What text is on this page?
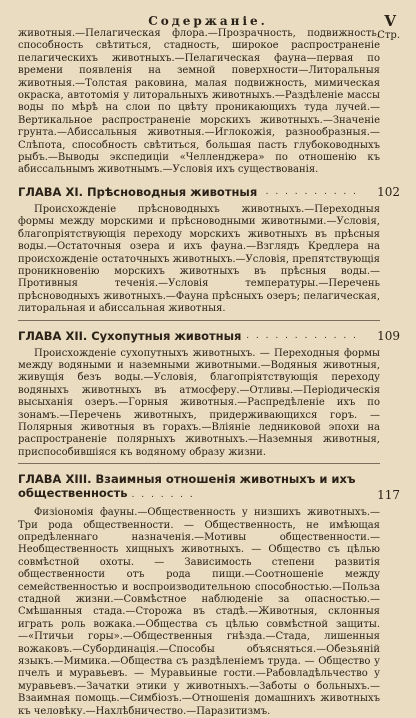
Содержаніе.	V
Стр.

животныя.—Пелагическая флора.—Прозрачность, подвижность, способность свѣтиться, стадность, широкое распространеніе пелагическихъ животныхъ.—Пелагическая фауна—первая по времени появленія на земной поверхности—Литоральныя животныя.—Толстая раковина, малая подвижность, мимическая окраска, автотомія у литоральныхъ животныхъ.—Раздѣленіе массы воды по мѣрѣ на слои по цвѣту проникающихъ туда лучей.—Вертикальное распространеніе морскихъ животныхъ.—Значеніе грунта.—Абиссальныя животныя.—Иглокожія, разнообразныя.—Слѣпота, способность свѣтиться, большая пасть глубоководныхъ рыбъ.—Выводы экспедиціи «Челленджера» по отношенію къ абиссальнымъ животнымъ.—Условія ихъ существованія.

ГЛАВА XI. Прѣсноводныя животныя . . . . . . . . . . 102

Происхожденіе прѣсноводныхъ животныхъ.—Переходныя формы между морскими и прѣсноводными животными.—Условія, благопріятствующія переходу морскихъ животныхъ въ прѣсныя воды.—Остаточныя озера и ихъ фауна.—Взглядъ Кредлера на происхожденіе остаточныхъ животныхъ.—Условія, препятствующія проникновенію морскихъ животныхъ въ прѣсныя воды.—Противныя теченія.—Условія температуры.—Перечень прѣсноводныхъ животныхъ.—Фауна прѣсныхъ озеръ; пелагическая, литоральная и абиссальная животныя.

ГЛАВА XII. Сухопутныя животныя . . . . . . . . . . . . 109

Происхожденіе сухопутныхъ животныхъ. — Переходныя формы между водяными и наземными животными.—Водяныя животныя, живущія безъ воды.—Условія, благопріятствующія переходу водяныхъ животныхъ въ атмосферу.—Отливы.—Періодическія высыханія озеръ.—Горныя животныя.—Распредѣленіе ихъ по зонамъ.—Перечень животныхъ, придерживающихся горъ. — Полярныя животныя въ горахъ.—Вліяніе ледниковой эпохи на распространеніе полярныхъ животныхъ.—Наземныя животныя, приспособившіяся къ водяному образу жизни.

ГЛАВА XIII. Взаимныя отношенія животныхъ и ихъ общественность . . . . . . .	117

Физіономія фауны.—Общественность у низшихъ животныхъ.—Три рода общественности. — Общественность, не имѣющая опредѣленнаго назначенія.—Мотивы общественности.—Необщественность хищныхъ животныхъ. — Общество съ цѣлью совмѣстной охоты. — Зависимость степени развитія общественности отъ рода пищи.—Соотношеніе между семейственностью и воспроизводительною способностью.—Польза стадной жизни.—Совмѣстное наблюденіе за опасностью.—Смѣшанныя стада.—Сторожа въ стадѣ.—Животныя, склонныя играть роль вожака.—Общества съ цѣлью совмѣстной защиты.—«Птичьи горы».—Общественныя гнѣзда.—Стада, лишенныя вожаковъ.—Субординація.—Способы объясняться.—Обезьяній языкъ.—Мимика.—Общества съ раздѣленіемъ труда. — Общество у пчелъ и муравьевъ. — Муравьиные гости.—Рабовладѣльчество у муравьевъ.—Зачатки этики у животныхъ.—Заботы о больныхъ.—Взаимная помощь.—Симбіозъ.—Отношенія домашнихъ животныхъ къ человѣку.—Нахлѣбничество.—Паразитизмъ.
